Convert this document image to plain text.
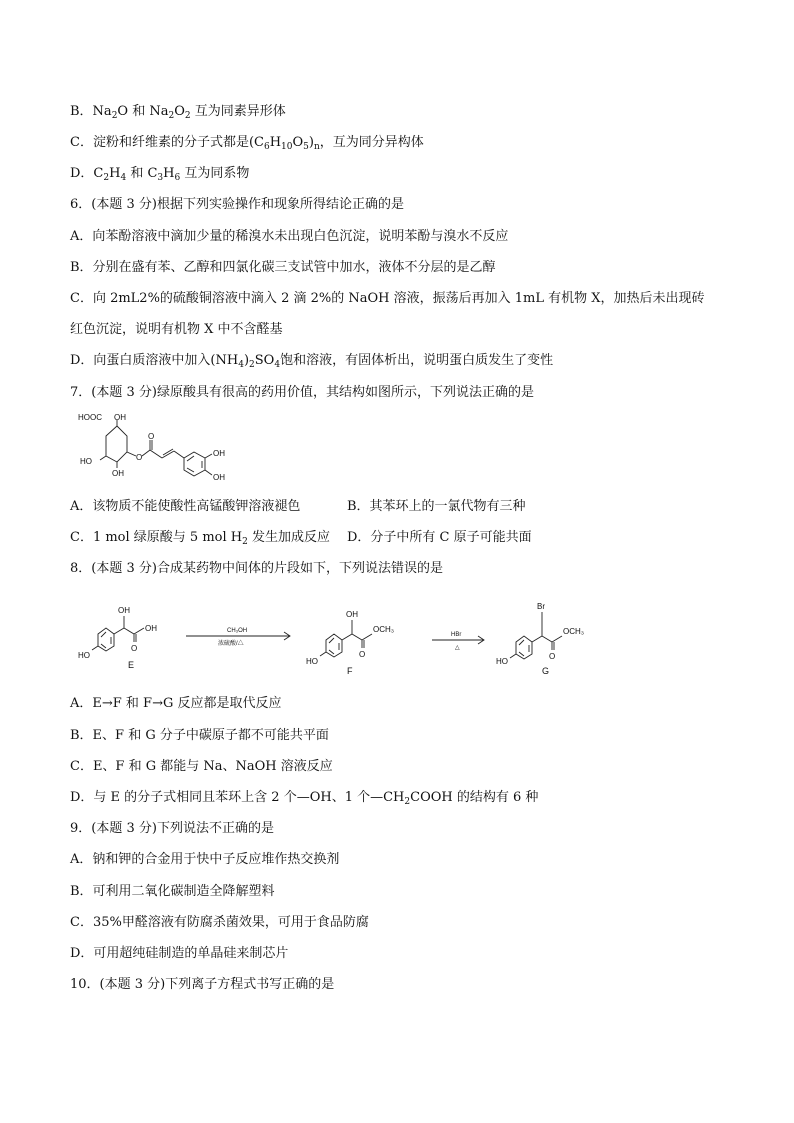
B．$Na_2O$ 和 $Na_2O_2$ 互为同素异形体
C．淀粉和纤维素的分子式都是$(C_6H_{10}O_5)_n$，互为同分异构体
D．$C_2H_4$ 和 $C_3H_6$ 互为同系物
6．(本题 3 分)根据下列实验操作和现象所得结论正确的是
A．向苯酚溶液中滴加少量的稀溴水未出现白色沉淀，说明苯酚与溴水不反应
B．分别在盛有苯、乙醇和四氯化碳三支试管中加水，液体不分层的是乙醇
C．向 2mL2%的硫酸铜溶液中滴入 2 滴 2%的 NaOH 溶液，振荡后再加入 1mL 有机物 X，加热后未出现砖
红色沉淀，说明有机物 X 中不含醛基
D．向蛋白质溶液中加入$(NH_4)_2SO_4$饱和溶液，有固体析出，说明蛋白质发生了变性
7．(本题 3 分)绿原酸具有很高的药用价值，其结构如图所示，下列说法正确的是
HOOC OH
HO
OH
O
O
OH
OH
A．该物质不能使酸性高锰酸钾溶液褪色	B．其苯环上的一氯代物有三种
C．1 mol 绿原酸与 5 mol $H_2$ 发生加成反应 D．分子中所有 C 原子可能共面
8．(本题 3 分)合成某药物中间体的片段如下，下列说法错误的是
HO
OH
O
OH
E
CH₃OH
浓硫酸/△
HO
OH
O
OCH₃
F
HBr
△
HO
Br
O
OCH₃
G
A．E→F 和 F→G 反应都是取代反应
B．E、F 和 G 分子中碳原子都不可能共平面
C．E、F 和 G 都能与 Na、NaOH 溶液反应
D．与 E 的分子式相同且苯环上含 2 个—OH、1 个$—CH_2COOH$ 的结构有 6 种
9．(本题 3 分)下列说法不正确的是
A．钠和钾的合金用于快中子反应堆作热交换剂
B．可利用二氧化碳制造全降解塑料
C．35%甲醛溶液有防腐杀菌效果，可用于食品防腐
D．可用超纯硅制造的单晶硅来制芯片
10．(本题 3 分)下列离子方程式书写正确的是
